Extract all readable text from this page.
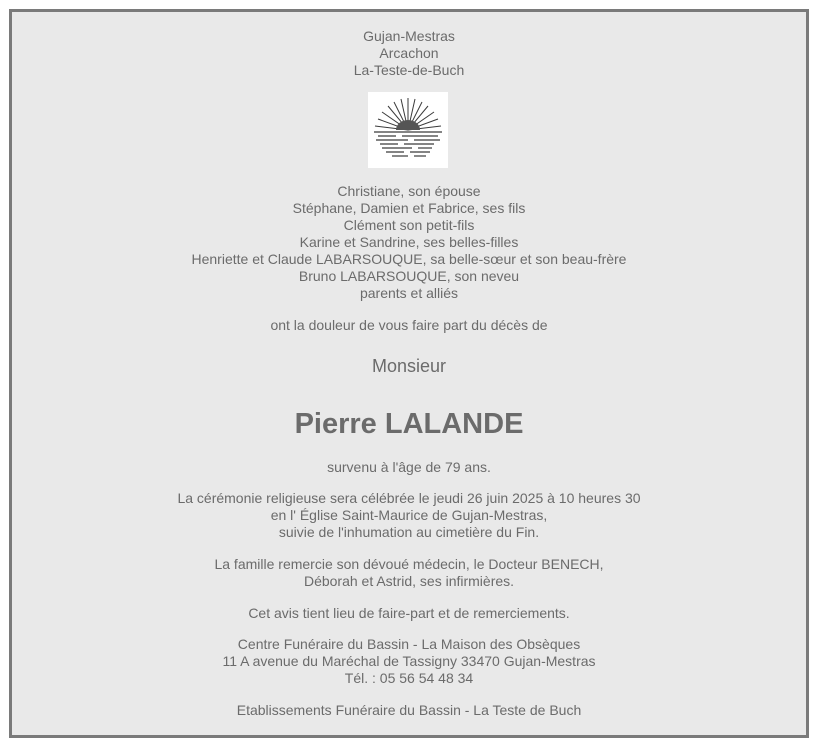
Gujan-Mestras
Arcachon
La-Teste-de-Buch
Christiane, son épouse
Stéphane, Damien et Fabrice, ses fils
Clément son petit-fils
Karine et Sandrine, ses belles-filles
Henriette et Claude LABARSOUQUE, sa belle-sœur et son beau-frère
Bruno LABARSOUQUE, son neveu
parents et alliés
ont la douleur de vous faire part du décès de
Monsieur
Pierre LALANDE
survenu à l'âge de 79 ans.
La cérémonie religieuse sera célébrée le jeudi 26 juin 2025 à 10 heures 30
en l' Église Saint-Maurice de Gujan-Mestras,
suivie de l'inhumation au cimetière du Fin.
La famille remercie son dévoué médecin, le Docteur BENECH,
Déborah et Astrid, ses infirmières.
Cet avis tient lieu de faire-part et de remerciements.
Centre Funéraire du Bassin - La Maison des Obsèques
11 A avenue du Maréchal de Tassigny 33470 Gujan-Mestras
Tél. : 05 56 54 48 34
Etablissements Funéraire du Bassin - La Teste de Buch
